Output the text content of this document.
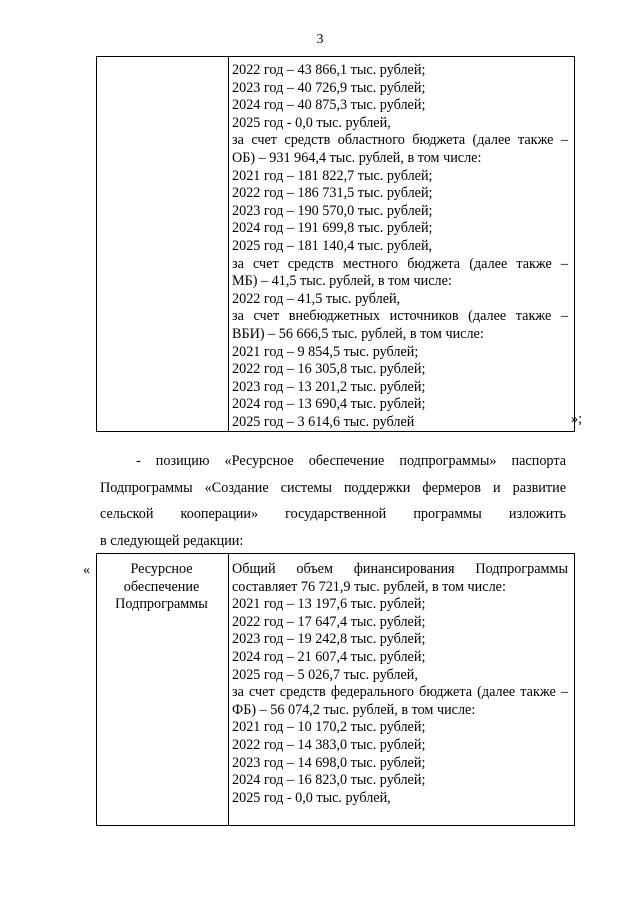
3
2022 год – 43 866,1 тыс. рублей;
2023 год – 40 726,9 тыс. рублей;
2024 год – 40 875,3 тыс. рублей;
2025 год - 0,0 тыс. рублей,
за счет средств областного бюджета (далее также –
ОБ) – 931 964,4 тыс. рублей, в том числе:
2021 год – 181 822,7 тыс. рублей;
2022 год – 186 731,5 тыс. рублей;
2023 год – 190 570,0 тыс. рублей;
2024 год – 191 699,8 тыс. рублей;
2025 год – 181 140,4 тыс. рублей,
за счет средств местного бюджета (далее также –
МБ) – 41,5 тыс. рублей, в том числе:
2022 год – 41,5 тыс. рублей,
за счет внебюджетных источников (далее также –
ВБИ) – 56 666,5 тыс. рублей, в том числе:
2021 год – 9 854,5 тыс. рублей;
2022 год – 16 305,8 тыс. рублей;
2023 год – 13 201,2 тыс. рублей;
2024 год – 13 690,4 тыс. рублей;
2025 год – 3 614,6 тыс. рублей	»;
- позицию «Ресурсное обеспечение подпрограммы» паспорта
Подпрограммы «Создание системы поддержки фермеров и развитие
сельской кооперации» государственной программы изложить
в следующей редакции:
«	Ресурсное
обеспечение
Подпрограммы
Общий объем финансирования Подпрограммы
составляет 76 721,9 тыс. рублей, в том числе:
2021 год – 13 197,6 тыс. рублей;
2022 год – 17 647,4 тыс. рублей;
2023 год – 19 242,8 тыс. рублей;
2024 год – 21 607,4 тыс. рублей;
2025 год – 5 026,7 тыс. рублей,
за счет средств федерального бюджета (далее также –
ФБ) – 56 074,2 тыс. рублей, в том числе:
2021 год – 10 170,2 тыс. рублей;
2022 год – 14 383,0 тыс. рублей;
2023 год – 14 698,0 тыс. рублей;
2024 год – 16 823,0 тыс. рублей;
2025 год - 0,0 тыс. рублей,
